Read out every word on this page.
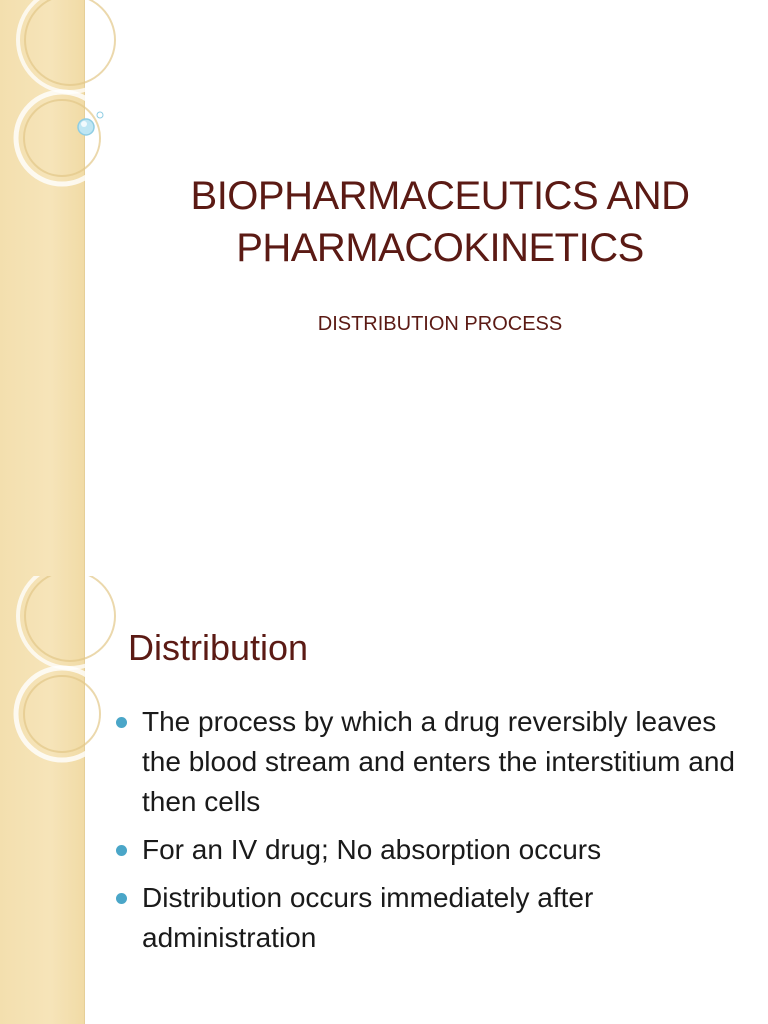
BIOPHARMACEUTICS AND
PHARMACOKINETICS
DISTRIBUTION PROCESS
Distribution
The process by which a drug reversibly leaves the blood stream and enters the interstitium and then cells
For an IV drug; No absorption occurs
Distribution occurs immediately after administration
